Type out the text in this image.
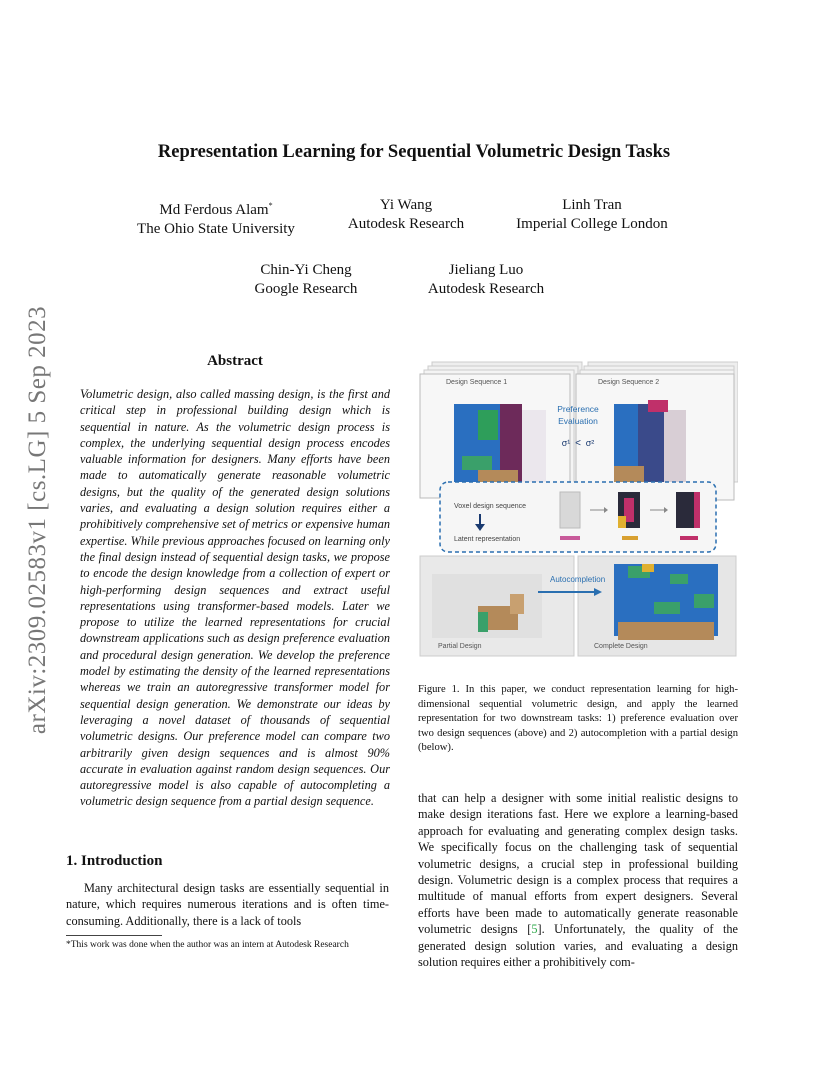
arXiv:2309.02583v1 [cs.LG] 5 Sep 2023
Representation Learning for Sequential Volumetric Design Tasks
Md Ferdous Alam*
The Ohio State University
Yi Wang
Autodesk Research
Linh Tran
Imperial College London
Chin-Yi Cheng
Google Research
Jieliang Luo
Autodesk Research
Abstract
Volumetric design, also called massing design, is the first and critical step in professional building design which is sequential in nature. As the volumetric design process is complex, the underlying sequential design process encodes valuable information for designers. Many efforts have been made to automatically generate reasonable volumetric designs, but the quality of the generated design solutions varies, and evaluating a design solution requires either a prohibitively comprehensive set of metrics or expensive human expertise. While previous approaches focused on learning only the final design instead of sequential design tasks, we propose to encode the design knowledge from a collection of expert or high-performing design sequences and extract useful representations using transformer-based models. Later we propose to utilize the learned representations for crucial downstream applications such as design preference evaluation and procedural design generation. We develop the preference model by estimating the density of the learned representations whereas we train an autoregressive transformer model for sequential design generation. We demonstrate our ideas by leveraging a novel dataset of thousands of sequential volumetric designs. Our preference model can compare two arbitrarily given design sequences and is almost 90% accurate in evaluation against random design sequences. Our autoregressive model is also capable of autocompleting a volumetric design sequence from a partial design sequence.
1. Introduction
Many architectural design tasks are essentially sequential in nature, which requires numerous iterations and is often time-consuming. Additionally, there is a lack of tools
*This work was done when the author was an intern at Autodesk Research
Preference
Evaluation
σ¹ < σ²
Design Sequence 1	Design Sequence 2
Voxel design sequence
Latent representation
Partial Design
Autocompletion
Complete Design
Figure 1. In this paper, we conduct representation learning for high-dimensional sequential volumetric design, and apply the learned representation for two downstream tasks: 1) preference evaluation over two design sequences (above) and 2) autocompletion with a partial design (below).
that can help a designer with some initial realistic designs to make design iterations fast. Here we explore a learning-based approach for evaluating and generating complex design tasks. We specifically focus on the challenging task of sequential volumetric designs, a crucial step in professional building design. Volumetric design is a complex process that requires a multitude of manual efforts from expert designers. Several efforts have been made to automatically generate reasonable volumetric designs [5]. Unfortunately, the quality of the generated design solution varies, and evaluating a design solution requires either a prohibitively com-
